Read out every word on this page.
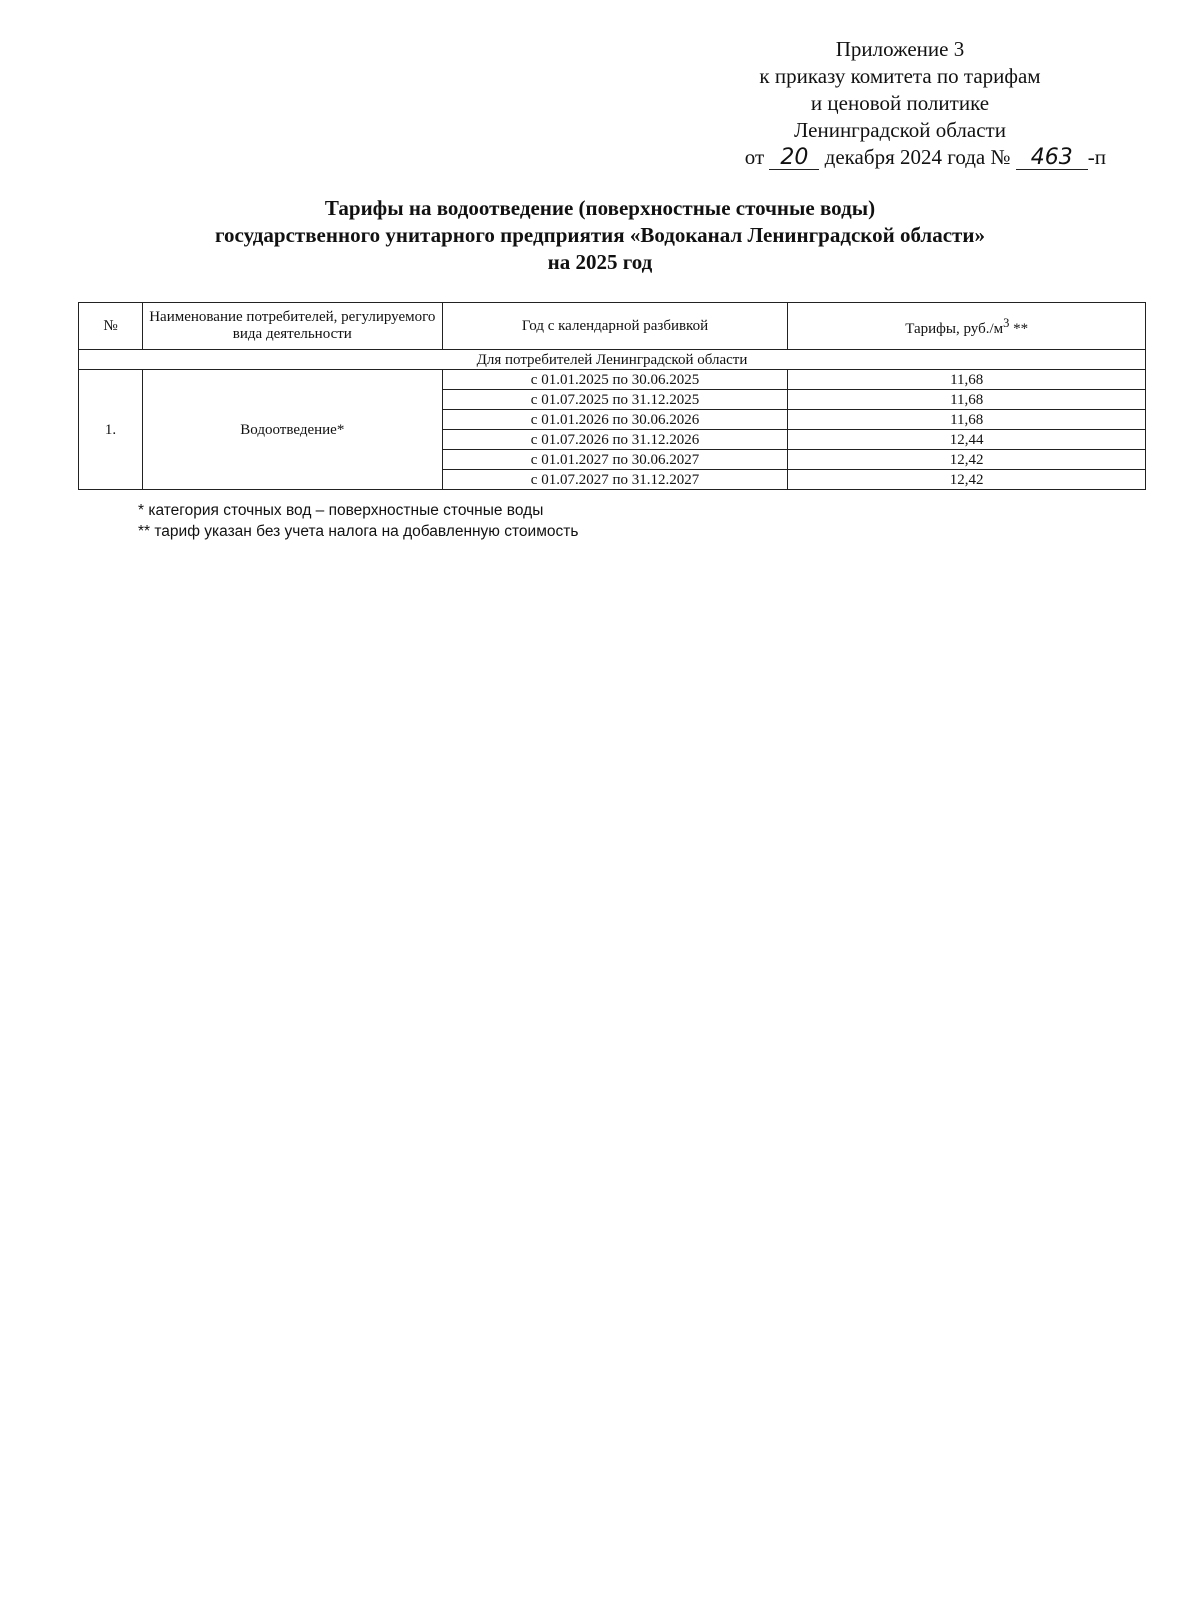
Приложение 3
к приказу комитета по тарифам
и ценовой политике
Ленинградской области
от 20 декабря 2024 года № 463 -п
Тарифы на водоотведение (поверхностные сточные воды)
государственного унитарного предприятия «Водоканал Ленинградской области»
на 2025 год
№	Наименование потребителей, регулируемого вида деятельности	Год с календарной разбивкой	Тарифы, $руб./м^3$ **
Для потребителей Ленинградской области			
1.	Водоотведение*	с 01.01.2025 по 30.06.2025	11,68
		с 01.07.2025 по 31.12.2025	11,68
		с 01.01.2026 по 30.06.2026	11,68
		с 01.07.2026 по 31.12.2026	12,44
		с 01.01.2027 по 30.06.2027	12,42
		с 01.07.2027 по 31.12.2027	12,42
* категория сточных вод – поверхностные сточные воды
** тариф указан без учета налога на добавленную стоимость
